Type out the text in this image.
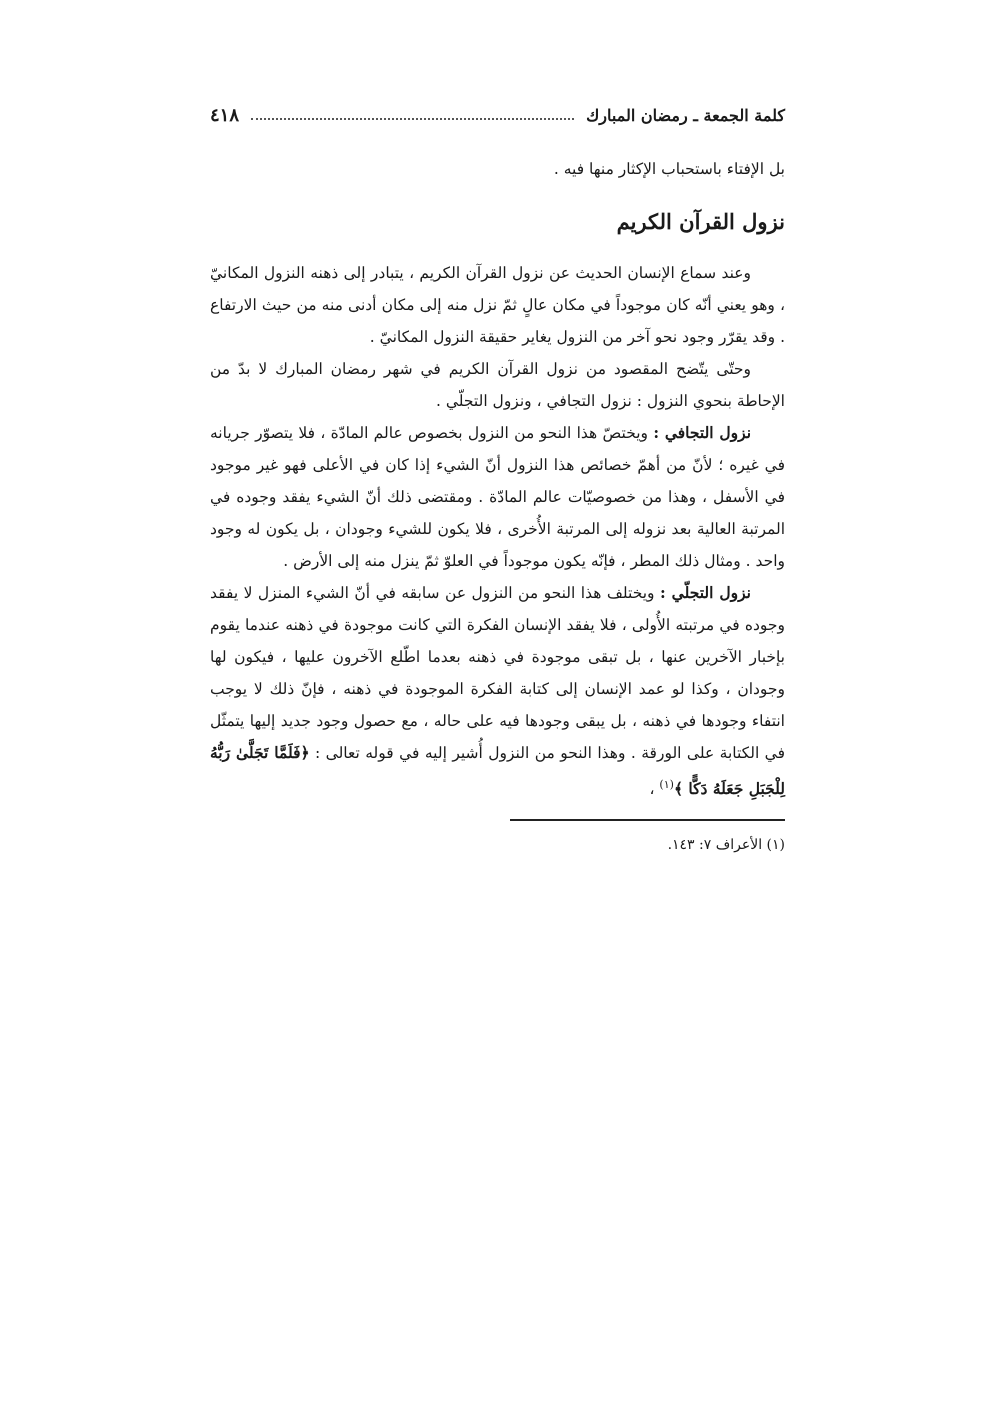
كلمة الجمعة ـ رمضان المبارك
٤١٨

بل الإفتاء باستحباب الإكثار منها فيه .

نزول القرآن الكريم

وعند سماع الإنسان الحديث عن نزول القرآن الكريم ، يتبادر إلى ذهنه النزول المكانيّ ، وهو يعني أنّه كان موجوداً في مكان عالٍ ثمّ نزل منه إلى مكان أدنى منه من حيث الارتفاع . وقد يقرّر وجود نحو آخر من النزول يغاير حقيقة النزول المكانيّ .

وحتّى يتّضح المقصود من نزول القرآن الكريم في شهر رمضان المبارك لا بدّ من الإحاطة بنحوي النزول : نزول التجافي ، ونزول التجلّي .

نزول التجافي : ويختصّ هذا النحو من النزول بخصوص عالم المادّة ، فلا يتصوّر جريانه في غيره ؛ لأنّ من أهمّ خصائص هذا النزول أنّ الشيء إذا كان في الأعلى فهو غير موجود في الأسفل ، وهذا من خصوصيّات عالم المادّة . ومقتضى ذلك أنّ الشيء يفقد وجوده في المرتبة العالية بعد نزوله إلى المرتبة الأُخرى ، فلا يكون للشيء وجودان ، بل يكون له وجود واحد . ومثال ذلك المطر ، فإنّه يكون موجوداً في العلوّ ثمّ ينزل منه إلى الأرض .

نزول التجلّي : ويختلف هذا النحو من النزول عن سابقه في أنّ الشيء المنزل لا يفقد وجوده في مرتبته الأُولى ، فلا يفقد الإنسان الفكرة التي كانت موجودة في ذهنه عندما يقوم بإخبار الآخرين عنها ، بل تبقى موجودة في ذهنه بعدما اطّلع الآخرون عليها ، فيكون لها وجودان ، وكذا لو عمد الإنسان إلى كتابة الفكرة الموجودة في ذهنه ، فإنّ ذلك لا يوجب انتفاء وجودها في ذهنه ، بل يبقى وجودها فيه على حاله ، مع حصول وجود جديد إليها يتمثّل في الكتابة على الورقة . وهذا النحو من النزول أُشير إليه في قوله تعالى : ﴿فَلَمَّا تَجَلَّىٰ رَبُّهُ لِلْجَبَلِ جَعَلَهُ دَكًّا ﴾$^{(١)}$ ،

(١) الأعراف ٧: ١٤٣.
